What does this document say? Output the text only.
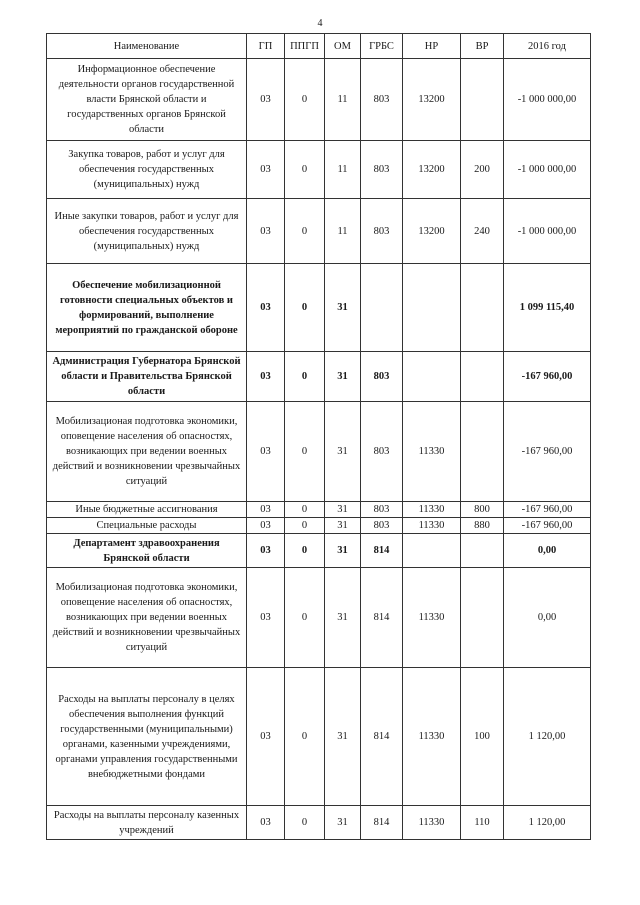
4
Наименование	ГП	ППГП	ОМ	ГРБС	НР	ВР	2016 год
Информационное обеспечение деятельности органов государственной власти Брянской области и государственных органов Брянской области	03	0	11	803	13200		-1 000 000,00
Закупка товаров, работ и услуг для обеспечения государственных (муниципальных) нужд	03	0	11	803	13200	200	-1 000 000,00
Иные закупки товаров, работ и услуг для обеспечения государственных (муниципальных) нужд	03	0	11	803	13200	240	-1 000 000,00
Обеспечение мобилизационной готовности специальных объектов и формирований, выполнение мероприятий по гражданской обороне	03	0	31				1 099 115,40
Администрация Губернатора Брянской области и Правительства Брянской области	03	0	31	803			-167 960,00
Мобилизационая подготовка экономики, оповещение населения об опасностях, возникающих при ведении военных действий и возникновении чрезвычайных ситуаций	03	0	31	803	11330		-167 960,00
Иные бюджетные ассигнования	03	0	31	803	11330	800	-167 960,00
Специальные расходы	03	0	31	803	11330	880	-167 960,00
Департамент здравоохранения Брянской области	03	0	31	814			0,00
Мобилизационая подготовка экономики, оповещение населения об опасностях, возникающих при ведении военных действий и возникновении чрезвычайных ситуаций	03	0	31	814	11330		0,00
Расходы на выплаты персоналу в целях обеспечения выполнения функций государственными (муниципальными) органами, казенными учреждениями, органами управления государственными внебюджетными фондами	03	0	31	814	11330	100	1 120,00
Расходы на выплаты персоналу казенных учреждений	03	0	31	814	11330	110	1 120,00
